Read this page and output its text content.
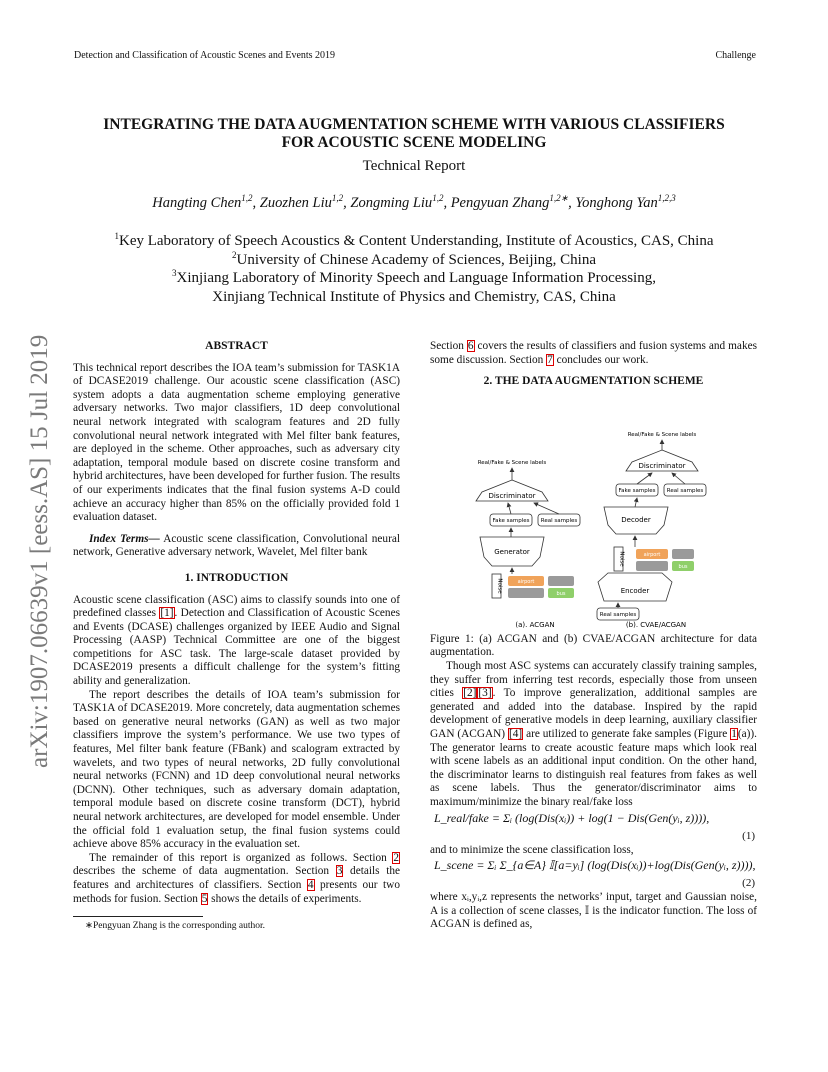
Detection and Classification of Acoustic Scenes and Events 2019	Challenge
INTEGRATING THE DATA AUGMENTATION SCHEME WITH VARIOUS CLASSIFIERS
FOR ACOUSTIC SCENE MODELING
Technical Report
Hangting Chen$^{1,2}$, Zuozhen Liu$^{1,2}$, Zongming Liu$^{1,2}$, Pengyuan Zhang$^{1,2∗}$, Yonghong Yan$^{1,2,3}$
$^1$Key Laboratory of Speech Acoustics & Content Understanding, Institute of Acoustics, CAS, China
$^2$University of Chinese Academy of Sciences, Beijing, China
$^3$Xinjiang Laboratory of Minority Speech and Language Information Processing,
Xinjiang Technical Institute of Physics and Chemistry, CAS, China
arXiv:1907.06639v1 [eess.AS] 15 Jul 2019	ABSTRACT

This technical report describes the IOA team’s submission for TASK1A of DCASE2019 challenge. Our acoustic scene classification (ASC) system adopts a data augmentation scheme employing generative adversary networks. Two major classifiers, 1D deep convolutional neural network integrated with scalogram features and 2D fully convolutional neural network integrated with Mel filter bank features, are deployed in the scheme. Other approaches, such as adversary city adaptation, temporal module based on discrete cosine transform and hybrid architectures, have been developed for further fusion. The results of our experiments indicates that the final fusion systems A-D could achieve an accuracy higher than 85% on the officially provided fold 1 evaluation dataset.

Index Terms— Acoustic scene classification, Convolutional neural network, Generative adversary network, Wavelet, Mel filter bank

1. INTRODUCTION

Acoustic scene classification (ASC) aims to classify sounds into one of predefined classes [1]. Detection and Classification of Acoustic Scenes and Events (DCASE) challenges organized by IEEE Audio and Signal Processing (AASP) Technical Committee are one of the biggest competitions for ASC task. The large-scale dataset provided by DCASE2019 presents a difficult challenge for the system’s fitting ability and generalization.

The report describes the details of IOA team’s submission for TASK1A of DCASE2019. More concretely, data augmentation schemes based on generative neural networks (GAN) as well as two major classifiers improve the system’s performance. We use two types of features, Mel filter bank feature (FBank) and scalogram extracted by wavelets, and two types of neural networks, 2D fully convolutional neural networks (FCNN) and 1D deep convolutional neural networks (DCNN). Other techniques, such as adversary domain adaptation, temporal module based on discrete cosine transform (DCT), hybrid neural network architectures, are developed for model ensemble. Under the official fold 1 evaluation setup, the final fusion systems could achieve above 85% accuracy in the evaluation set.

The remainder of this report is organized as follows. Section 2 describes the scheme of data augmentation. Section 3 details the features and architectures of classifiers. Section 4 presents our two methods for fusion. Section 5 shows the details of experiments.

∗Pengyuan Zhang is the corresponding author.

Section 6 covers the results of classifiers and fusion systems and makes some discussion. Section 7 concludes our work.

2. THE DATA AUGMENTATION SCHEME
Real/Fake & Scene labels
Discriminator
Fake samples Real samples
Generator
Noise	airport
bus
(a). ACGAN
Real/Fake & Scene labels
Discriminator
Fake samples Real samples
Decoder
Noise	airport
bus
Encoder
Real samples
(b). CVAE/ACGAN

Figure 1: (a) ACGAN and (b) CVAE/ACGAN architecture for data augmentation.

Though most ASC systems can accurately classify training samples, they suffer from inferring test records, especially those from unseen cities [2] [3]. To improve generalization, additional samples are generated and added into the database. Inspired by the rapid development of generative models in deep learning, auxiliary classifier GAN (ACGAN) [4] are utilized to generate fake samples (Figure 1(a)). The generator learns to create acoustic feature maps which look real with scene labels as an additional input condition. On the other hand, the discriminator learns to distinguish real features from fakes as well as scene labels. Thus the generator/discriminator aims to maximum/minimize the binary real/fake loss

L_real/fake = Σᵢ (log(Dis(xᵢ)) + log(1 − Dis(Gen(yᵢ, z)))),
(1)

and to minimize the scene classification loss,

L_scene = Σᵢ Σ_{a∈A} 𝕀[a=yᵢ] (log(Dis(xᵢ))+log(Dis(Gen(yᵢ, z)))),
(2)

where xᵢ,yᵢ,z represents the networks’ input, target and Gaussian noise, A is a collection of scene classes, 𝕀 is the indicator function. The loss of ACGAN is defined as,
